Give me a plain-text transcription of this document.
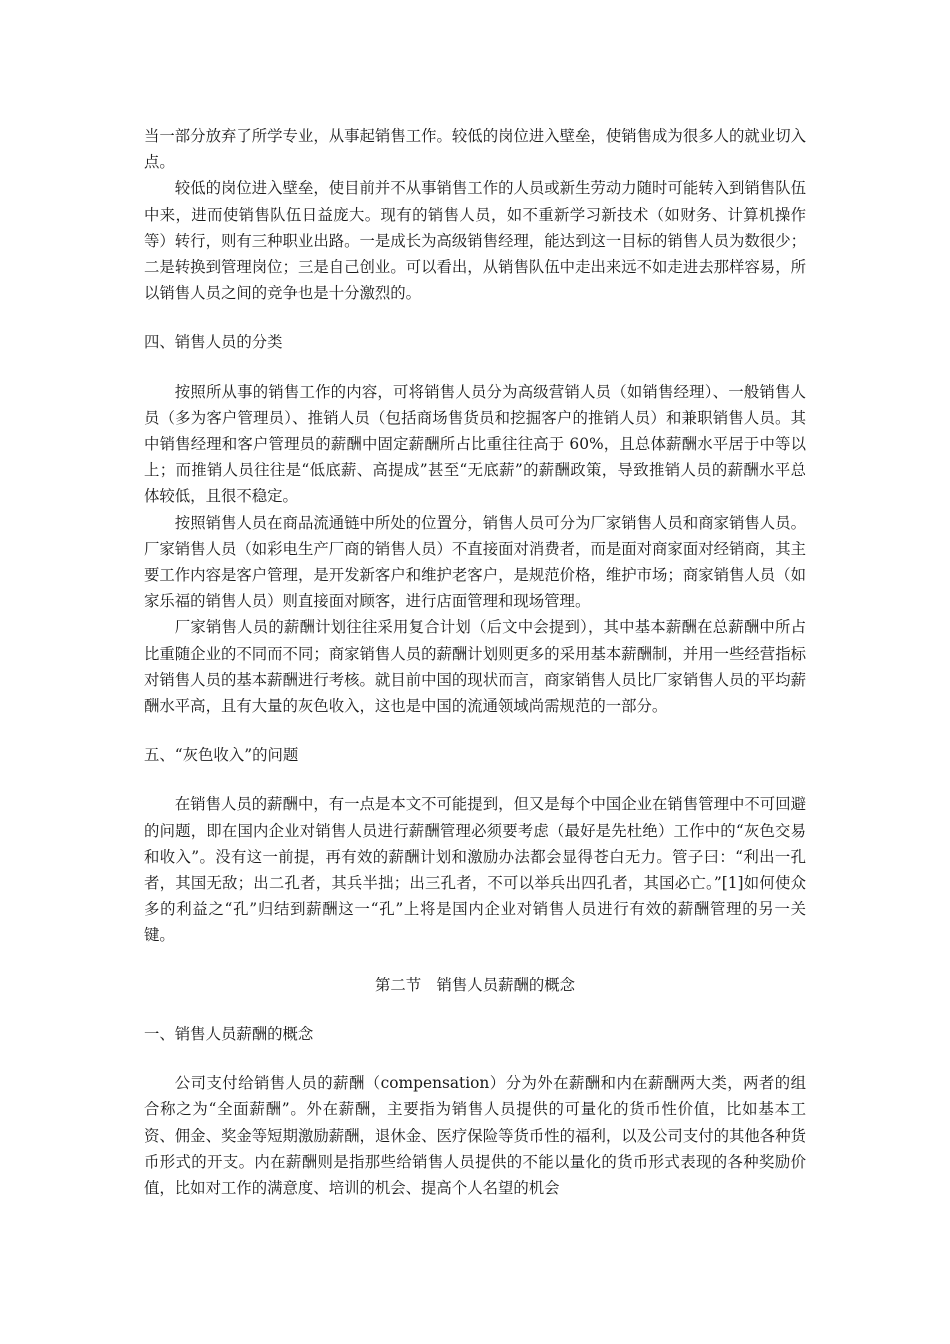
当一部分放弃了所学专业，从事起销售工作。较低的岗位进入壁垒，使销售成为很多人的就业切入点。

较低的岗位进入壁垒，使目前并不从事销售工作的人员或新生劳动力随时可能转入到销售队伍中来，进而使销售队伍日益庞大。现有的销售人员，如不重新学习新技术（如财务、计算机操作等）转行，则有三种职业出路。一是成长为高级销售经理，能达到这一目标的销售人员为数很少；二是转换到管理岗位；三是自己创业。可以看出，从销售队伍中走出来远不如走进去那样容易，所以销售人员之间的竞争也是十分激烈的。

四、销售人员的分类

按照所从事的销售工作的内容，可将销售人员分为高级营销人员（如销售经理）、一般销售人员（多为客户管理员）、推销人员（包括商场售货员和挖掘客户的推销人员）和兼职销售人员。其中销售经理和客户管理员的薪酬中固定薪酬所占比重往往高于 60%，且总体薪酬水平居于中等以上；而推销人员往往是“低底薪、高提成”甚至“无底薪”的薪酬政策，导致推销人员的薪酬水平总体较低，且很不稳定。

按照销售人员在商品流通链中所处的位置分，销售人员可分为厂家销售人员和商家销售人员。厂家销售人员（如彩电生产厂商的销售人员）不直接面对消费者，而是面对商家面对经销商，其主要工作内容是客户管理，是开发新客户和维护老客户，是规范价格，维护市场；商家销售人员（如家乐福的销售人员）则直接面对顾客，进行店面管理和现场管理。

厂家销售人员的薪酬计划往往采用复合计划（后文中会提到），其中基本薪酬在总薪酬中所占比重随企业的不同而不同；商家销售人员的薪酬计划则更多的采用基本薪酬制，并用一些经营指标对销售人员的基本薪酬进行考核。就目前中国的现状而言，商家销售人员比厂家销售人员的平均薪酬水平高，且有大量的灰色收入，这也是中国的流通领域尚需规范的一部分。

五、“灰色收入”的问题

在销售人员的薪酬中，有一点是本文不可能提到，但又是每个中国企业在销售管理中不可回避的问题，即在国内企业对销售人员进行薪酬管理必须要考虑（最好是先杜绝）工作中的“灰色交易和收入”。没有这一前提，再有效的薪酬计划和激励办法都会显得苍白无力。管子曰：“利出一孔者，其国无敌；出二孔者，其兵半拙；出三孔者，不可以举兵出四孔者，其国必亡。”[1]如何使众多的利益之“孔”归结到薪酬这一“孔”上将是国内企业对销售人员进行有效的薪酬管理的另一关键。

第二节　销售人员薪酬的概念

一、销售人员薪酬的概念

公司支付给销售人员的薪酬（compensation）分为外在薪酬和内在薪酬两大类，两者的组合称之为“全面薪酬”。外在薪酬，主要指为销售人员提供的可量化的货币性价值，比如基本工资、佣金、奖金等短期激励薪酬，退休金、医疗保险等货币性的福利，以及公司支付的其他各种货币形式的开支。内在薪酬则是指那些给销售人员提供的不能以量化的货币形式表现的各种奖励价值，比如对工作的满意度、培训的机会、提高个人名望的机会
